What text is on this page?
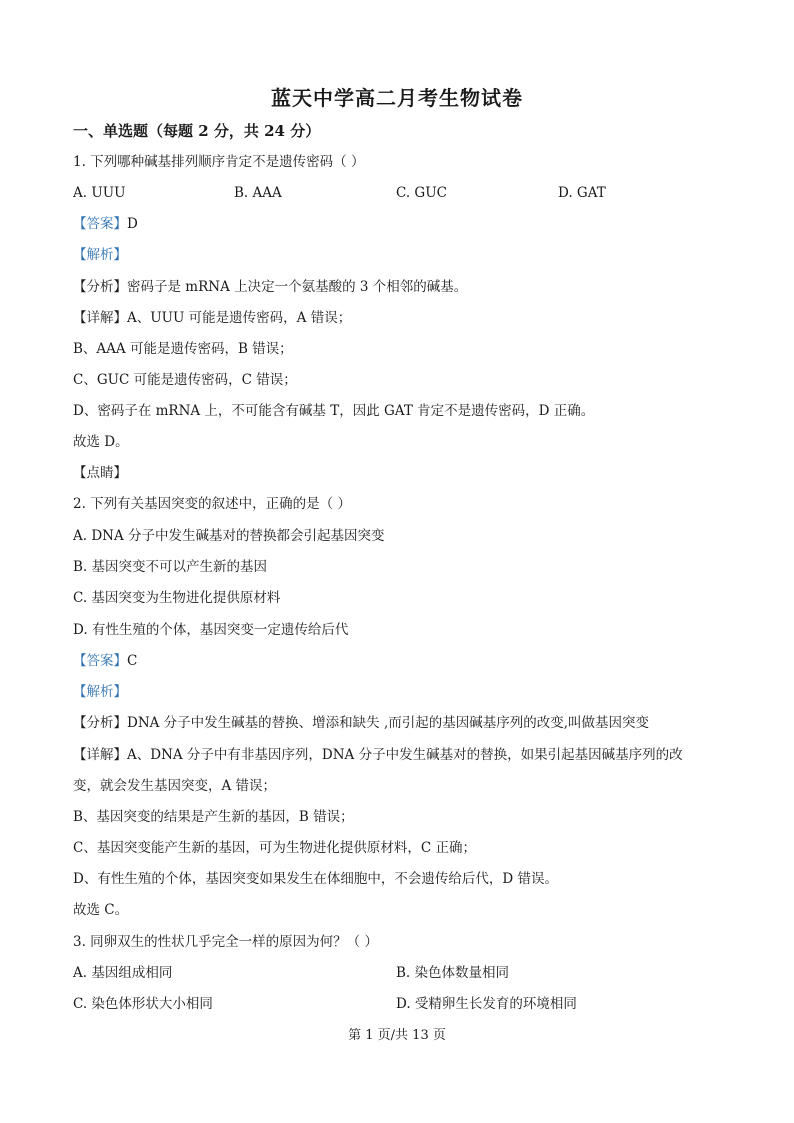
蓝天中学高二月考生物试卷
一、单选题（每题 2 分，共 24 分）
1. 下列哪种碱基排列顺序肯定不是遗传密码（ ）
A. UUU	B. AAA	C. GUC	D. GAT
【答案】D
【解析】
【分析】密码子是 mRNA 上决定一个氨基酸的 3 个相邻的碱基。
【详解】A、UUU 可能是遗传密码，A 错误；
B、AAA 可能是遗传密码，B 错误；
C、GUC 可能是遗传密码，C 错误；
D、密码子在 mRNA 上，不可能含有碱基 T，因此 GAT 肯定不是遗传密码，D 正确。
故选 D。
【点睛】
2. 下列有关基因突变的叙述中，正确的是（ ）
A. DNA 分子中发生碱基对的替换都会引起基因突变
B. 基因突变不可以产生新的基因
C. 基因突变为生物进化提供原材料
D. 有性生殖的个体，基因突变一定遗传给后代
【答案】C
【解析】
【分析】DNA 分子中发生碱基的替换、增添和缺失 ,而引起的基因碱基序列的改变,叫做基因突变
【详解】A、DNA 分子中有非基因序列，DNA 分子中发生碱基对的替换，如果引起基因碱基序列的改
变，就会发生基因突变，A 错误；
B、基因突变的结果是产生新的基因，B 错误；
C、基因突变能产生新的基因，可为生物进化提供原材料，C 正确；
D、有性生殖的个体，基因突变如果发生在体细胞中，不会遗传给后代，D 错误。
故选 C。
3. 同卵双生的性状几乎完全一样的原因为何？（ ）
A. 基因组成相同	B. 染色体数量相同
C. 染色体形状大小相同	D. 受精卵生长发育的环境相同
第 1 页/共 13 页
